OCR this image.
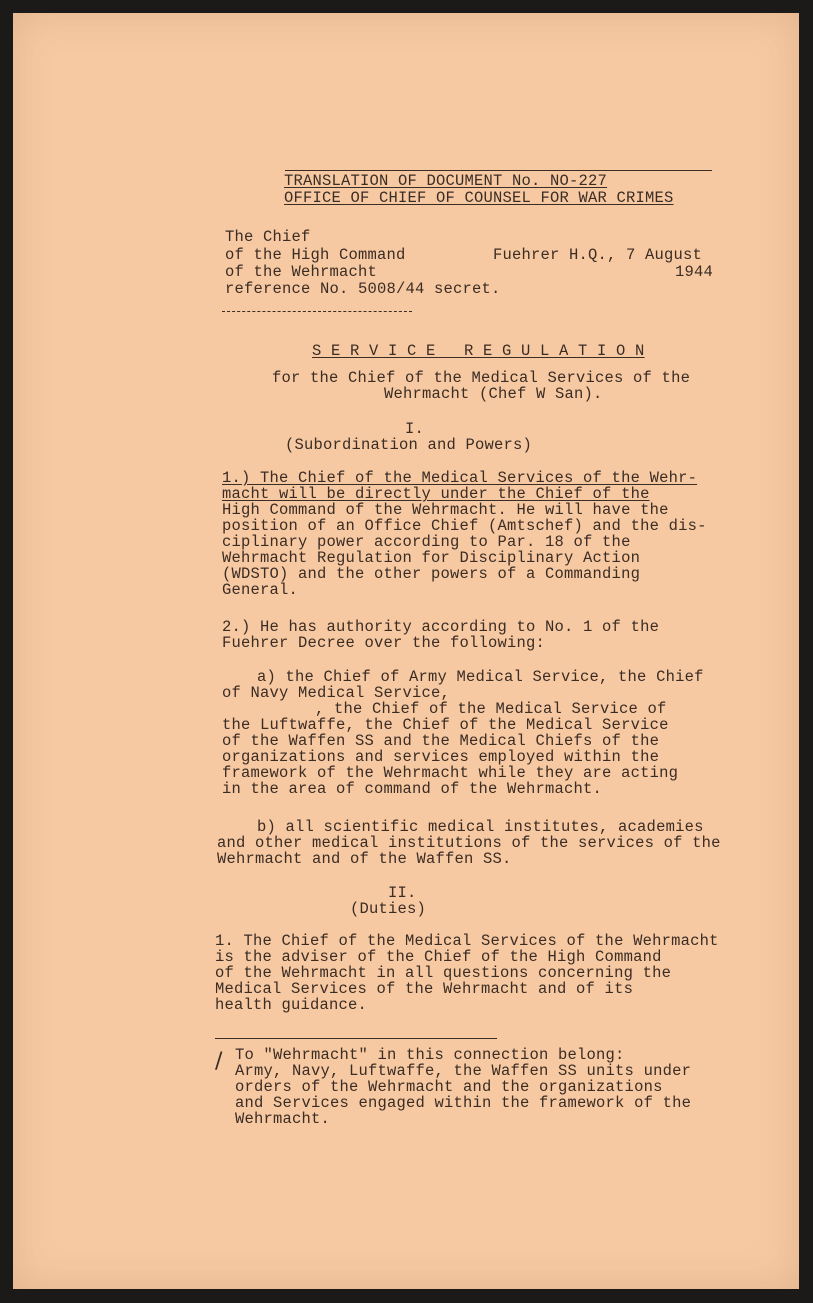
TRANSLATION OF DOCUMENT No. NO-227

OFFICE OF CHIEF OF COUNSEL FOR WAR CRIMES

The Chief

of the High Command

of the Wehrmacht

reference No. 5008/44 secret.

Fuehrer H.Q., 7 August

1944

S E R V I C E   R E G U L A T I O N

for the Chief of the Medical Services of the

Wehrmacht (Chef W San).

I.

(Subordination and Powers)

1.) The Chief of the Medical Services of the Wehr-

macht will be directly under the Chief of the

High Command of the Wehrmacht. He will have the

position of an Office Chief (Amtschef) and the dis-

ciplinary power according to Par. 18 of the

Wehrmacht Regulation for Disciplinary Action

(WDSTO) and the other powers of a Commanding

General.

2.) He has authority according to No. 1 of the

Fuehrer Decree over the following:

a) the Chief of Army Medical Service, the Chief

of Navy Medical Service,

, the Chief of the Medical Service of

the Luftwaffe, the Chief of the Medical Service

of the Waffen SS and the Medical Chiefs of the

organizations and services employed within the

framework of the Wehrmacht while they are acting

in the area of command of the Wehrmacht.

b) all scientific medical institutes, academies

and other medical institutions of the services of the

Wehrmacht and of the Waffen SS.

II.

(Duties)

1. The Chief of the Medical Services of the Wehrmacht

is the adviser of the Chief of the High Command

of the Wehrmacht in all questions concerning the

Medical Services of the Wehrmacht and of its

health guidance.

/ To "Wehrmacht" in this connection belong:

Army, Navy, Luftwaffe, the Waffen SS units under

orders of the Wehrmacht and the organizations

and Services engaged within the framework of the

Wehrmacht.
